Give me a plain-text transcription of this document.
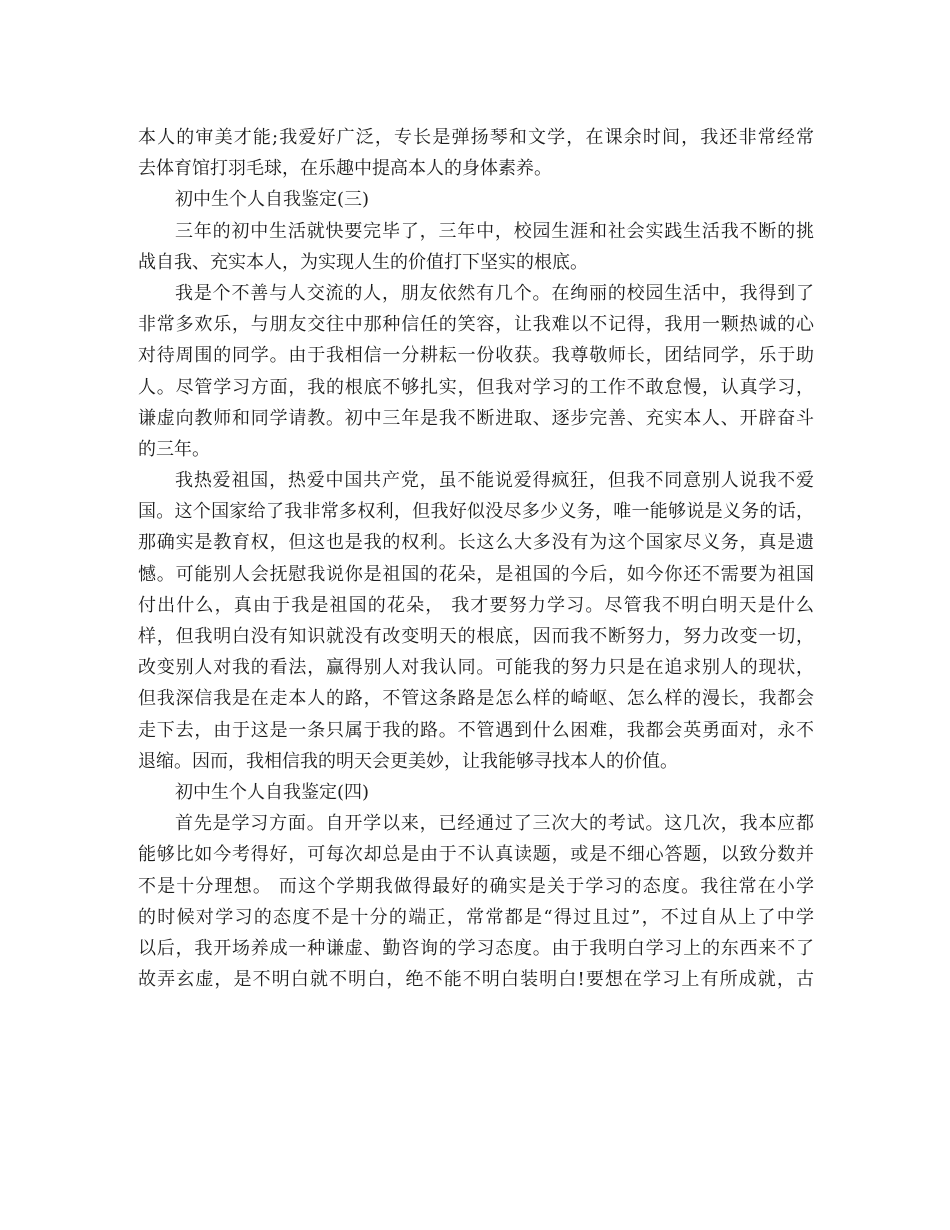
本人的审美才能;我爱好广泛，专长是弹扬琴和文学，在课余时间，我还非常经常
去体育馆打羽毛球，在乐趣中提高本人的身体素养。
初中生个人自我鉴定(三)
三年的初中生活就快要完毕了，三年中，校园生涯和社会实践生活我不断的挑
战自我、充实本人，为实现人生的价值打下坚实的根底。
我是个不善与人交流的人，朋友依然有几个。在绚丽的校园生活中，我得到了
非常多欢乐，与朋友交往中那种信任的笑容，让我难以不记得，我用一颗热诚的心
对待周围的同学。由于我相信一分耕耘一份收获。我尊敬师长，团结同学，乐于助
人。尽管学习方面，我的根底不够扎实，但我对学习的工作不敢怠慢，认真学习，
谦虚向教师和同学请教。初中三年是我不断进取、逐步完善、充实本人、开辟奋斗
的三年。
我热爱祖国，热爱中国共产党，虽不能说爱得疯狂，但我不同意别人说我不爱
国。这个国家给了我非常多权利，但我好似没尽多少义务，唯一能够说是义务的话，
那确实是教育权，但这也是我的权利。长这么大多没有为这个国家尽义务，真是遗
憾。可能别人会抚慰我说你是祖国的花朵，是祖国的今后，如今你还不需要为祖国
付出什么，真由于我是祖国的花朵， 我才要努力学习。尽管我不明白明天是什么
样，但我明白没有知识就没有改变明天的根底，因而我不断努力，努力改变一切，
改变别人对我的看法，赢得别人对我认同。可能我的努力只是在追求别人的现状，
但我深信我是在走本人的路，不管这条路是怎么样的崎岖、怎么样的漫长，我都会
走下去，由于这是一条只属于我的路。不管遇到什么困难，我都会英勇面对，永不
退缩。因而，我相信我的明天会更美妙，让我能够寻找本人的价值。
初中生个人自我鉴定(四)
首先是学习方面。自开学以来，已经通过了三次大的考试。这几次，我本应都
能够比如今考得好，可每次却总是由于不认真读题，或是不细心答题，以致分数并
不是十分理想。 而这个学期我做得最好的确实是关于学习的态度。我往常在小学
的时候对学习的态度不是十分的端正，常常都是“得过且过”，不过自从上了中学
以后，我开场养成一种谦虚、勤咨询的学习态度。由于我明白学习上的东西来不了
故弄玄虚，是不明白就不明白，绝不能不明白装明白!要想在学习上有所成就，古
